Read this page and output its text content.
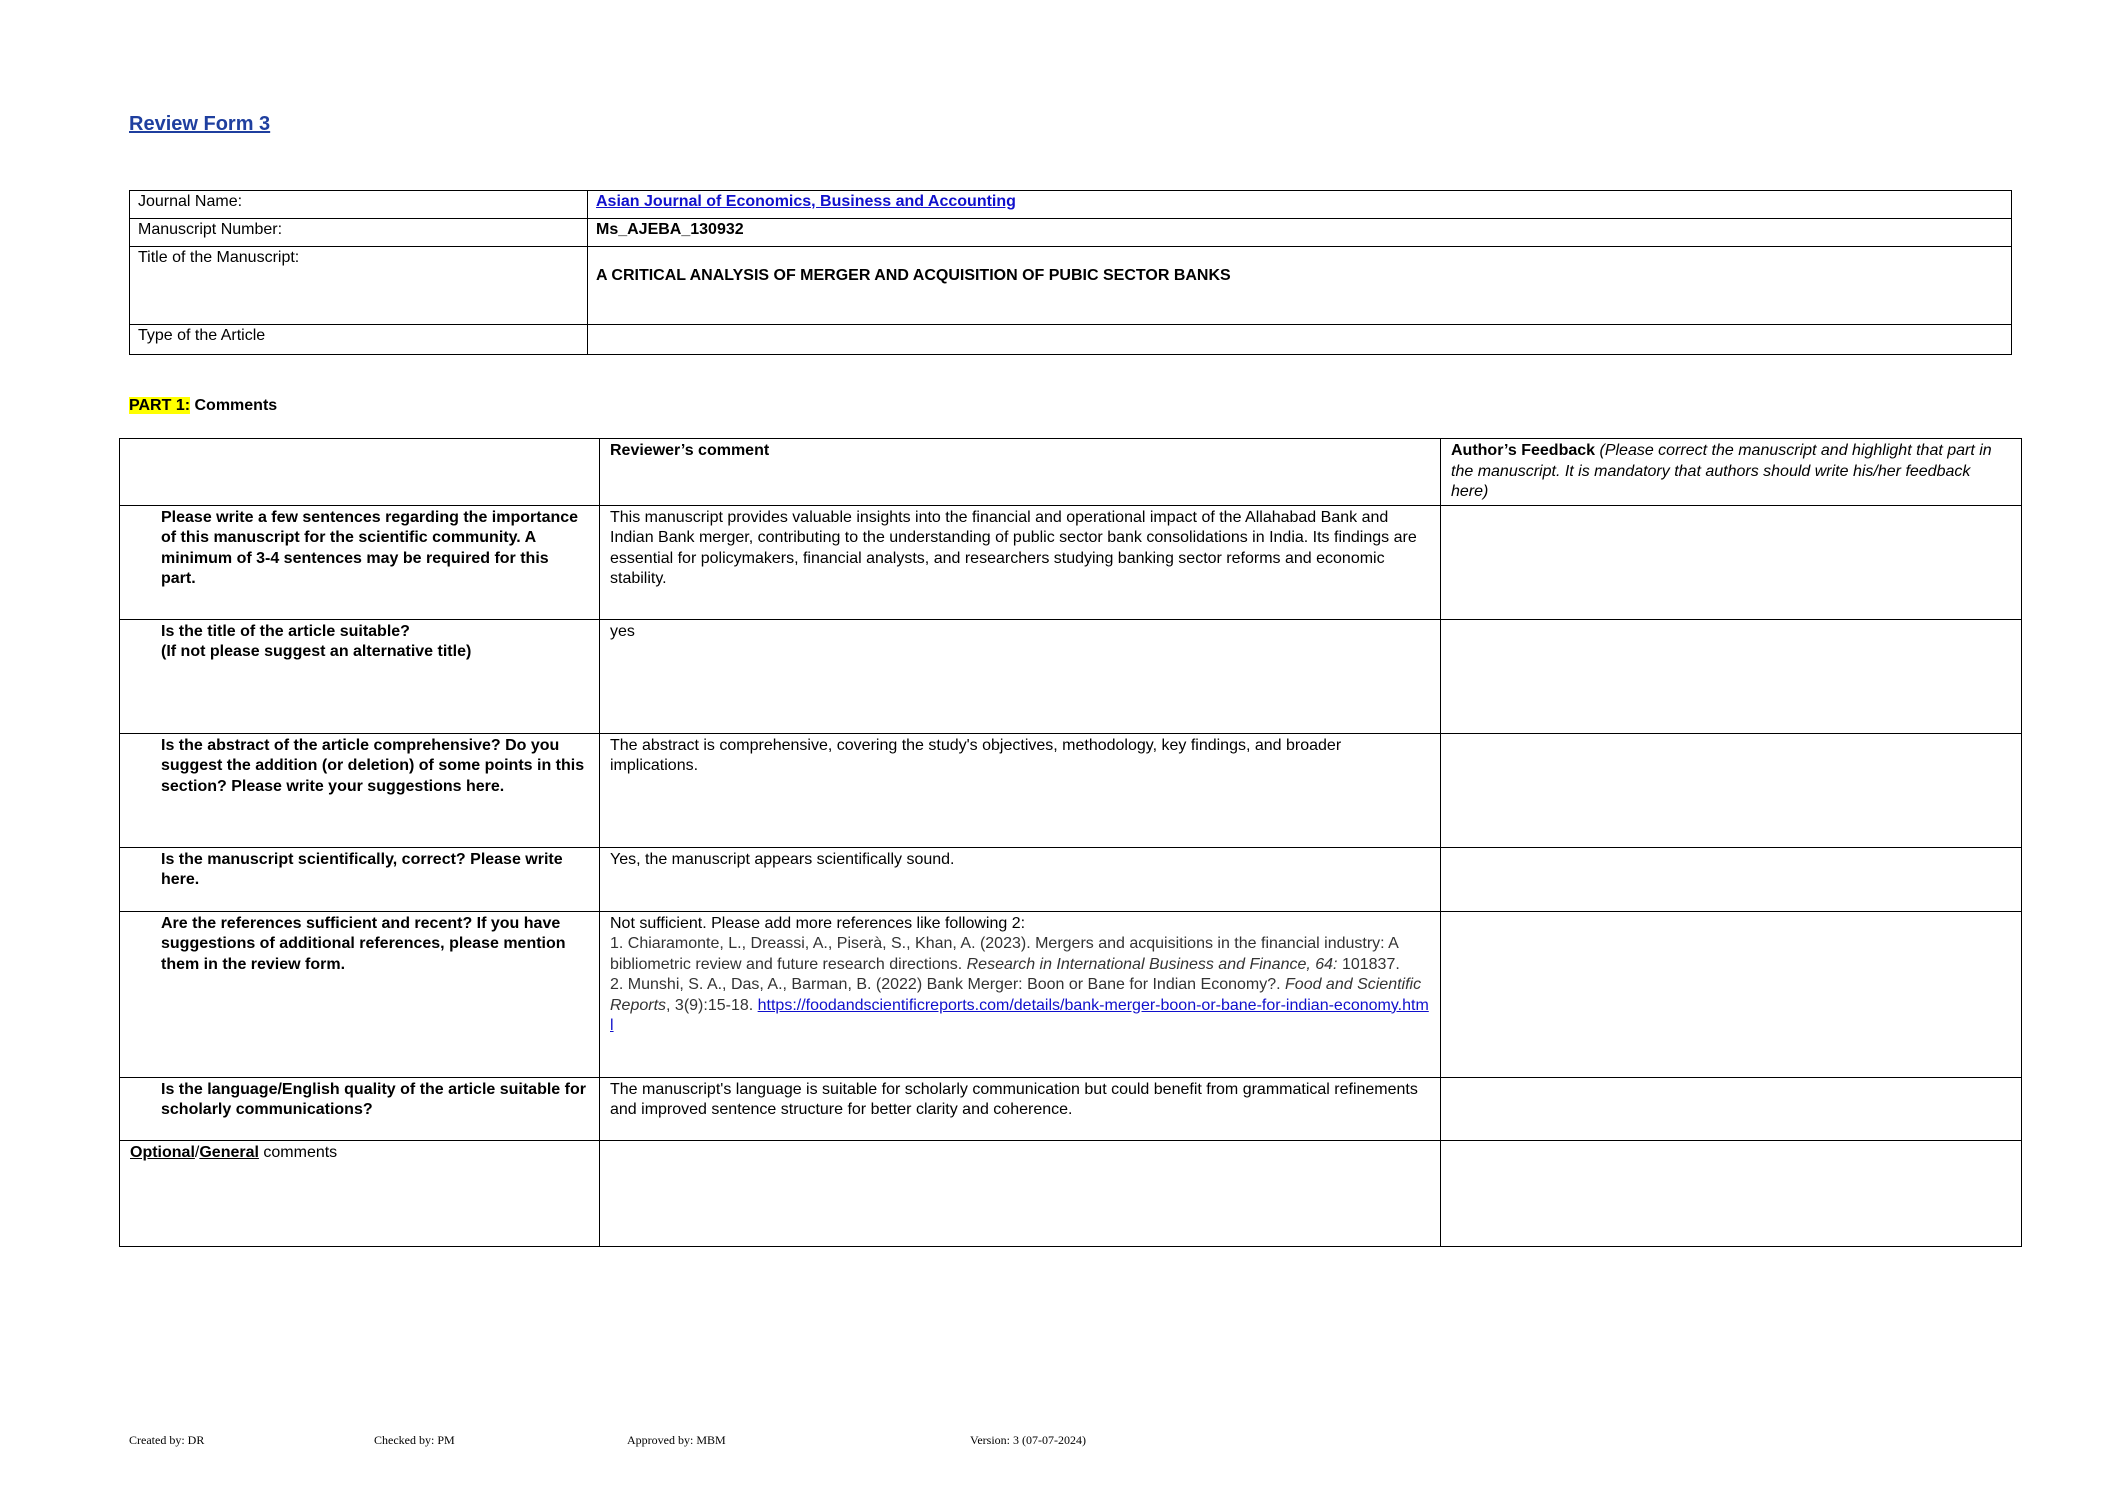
Review Form 3
Journal Name:	Asian Journal of Economics, Business and Accounting
Manuscript Number:	Ms_AJEBA_130932
Title of the Manuscript:	A CRITICAL ANALYSIS OF MERGER AND ACQUISITION OF PUBIC SECTOR BANKS
Type of the Article	
PART 1: Comments
	Reviewer’s comment	Author’s Feedback (Please correct the manuscript and highlight that part in the manuscript. It is mandatory that authors should write his/her feedback here)
Please write a few sentences regarding the importance of this manuscript for the scientific community. A minimum of 3-4 sentences may be required for this part.	This manuscript provides valuable insights into the financial and operational impact of the Allahabad Bank and Indian Bank merger, contributing to the understanding of public sector bank consolidations in India. Its findings are essential for policymakers, financial analysts, and researchers studying banking sector reforms and economic stability.	

Is the title of the article suitable?
(If not please suggest an alternative title)	yes	
Is the abstract of the article comprehensive? Do you suggest the addition (or deletion) of some points in this section? Please write your suggestions here.	The abstract is comprehensive, covering the study's objectives, methodology, key findings, and broader implications.	
Is the manuscript scientifically, correct? Please write here.	Yes, the manuscript appears scientifically sound.	
Are the references sufficient and recent? If you have suggestions of additional references, please mention them in the review form.	Not sufficient. Please add more references like following 2:
1. Chiaramonte, L., Dreassi, A., Piserà, S., Khan, A. (2023). Mergers and acquisitions in the financial industry: A bibliometric review and future research directions. Research in International Business and Finance, 64: 101837.
2. Munshi, S. A., Das, A., Barman, B. (2022) Bank Merger: Boon or Bane for Indian Economy?. Food and Scientific Reports, 3(9):15-18. https://foodandscientificreports.com/details/bank-merger-boon-or-bane-for-indian-economy.html	

Is the language/English quality of the article suitable for scholarly communications?	The manuscript's language is suitable for scholarly communication but could benefit from grammatical refinements and improved sentence structure for better clarity and coherence.	
Optional/General comments		
Created by: DR	Checked by: PM	Approved by: MBM	Version: 3 (07-07-2024)
